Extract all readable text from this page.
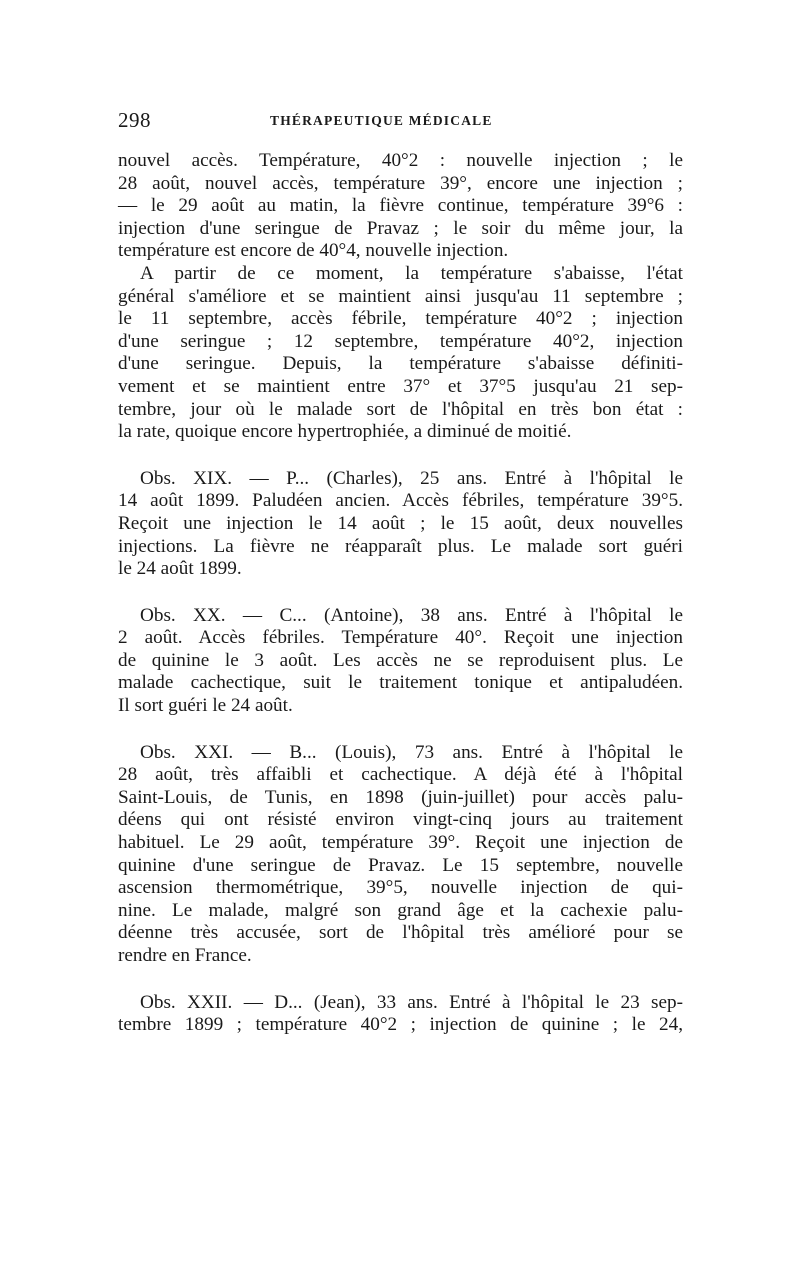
298	THÉRAPEUTIQUE MÉDICALE
nouvel accès. Température, 40°2 : nouvelle injection ; le
28 août, nouvel accès, température 39°, encore une injection ;
— le 29 août au matin, la fièvre continue, température 39°6 :
injection d'une seringue de Pravaz ; le soir du même jour, la
température est encore de 40°4, nouvelle injection.
A partir de ce moment, la température s'abaisse, l'état
général s'améliore et se maintient ainsi jusqu'au 11 septembre ;
le 11 septembre, accès fébrile, température 40°2 ; injection
d'une seringue ; 12 septembre, température 40°2, injection
d'une seringue. Depuis, la température s'abaisse définiti-
vement et se maintient entre 37° et 37°5 jusqu'au 21 sep-
tembre, jour où le malade sort de l'hôpital en très bon état :
la rate, quoique encore hypertrophiée, a diminué de moitié.
Obs. XIX. — P... (Charles), 25 ans. Entré à l'hôpital le
14 août 1899. Paludéen ancien. Accès fébriles, température 39°5.
Reçoit une injection le 14 août ; le 15 août, deux nouvelles
injections. La fièvre ne réapparaît plus. Le malade sort guéri
le 24 août 1899.
Obs. XX. — C... (Antoine), 38 ans. Entré à l'hôpital le
2 août. Accès fébriles. Température 40°. Reçoit une injection
de quinine le 3 août. Les accès ne se reproduisent plus. Le
malade cachectique, suit le traitement tonique et antipaludéen.
Il sort guéri le 24 août.
Obs. XXI. — B... (Louis), 73 ans. Entré à l'hôpital le
28 août, très affaibli et cachectique. A déjà été à l'hôpital
Saint-Louis, de Tunis, en 1898 (juin-juillet) pour accès palu-
déens qui ont résisté environ vingt-cinq jours au traitement
habituel. Le 29 août, température 39°. Reçoit une injection de
quinine d'une seringue de Pravaz. Le 15 septembre, nouvelle
ascension thermométrique, 39°5, nouvelle injection de qui-
nine. Le malade, malgré son grand âge et la cachexie palu-
déenne très accusée, sort de l'hôpital très amélioré pour se
rendre en France.
Obs. XXII. — D... (Jean), 33 ans. Entré à l'hôpital le 23 sep-
tembre 1899 ; température 40°2 ; injection de quinine ; le 24,
